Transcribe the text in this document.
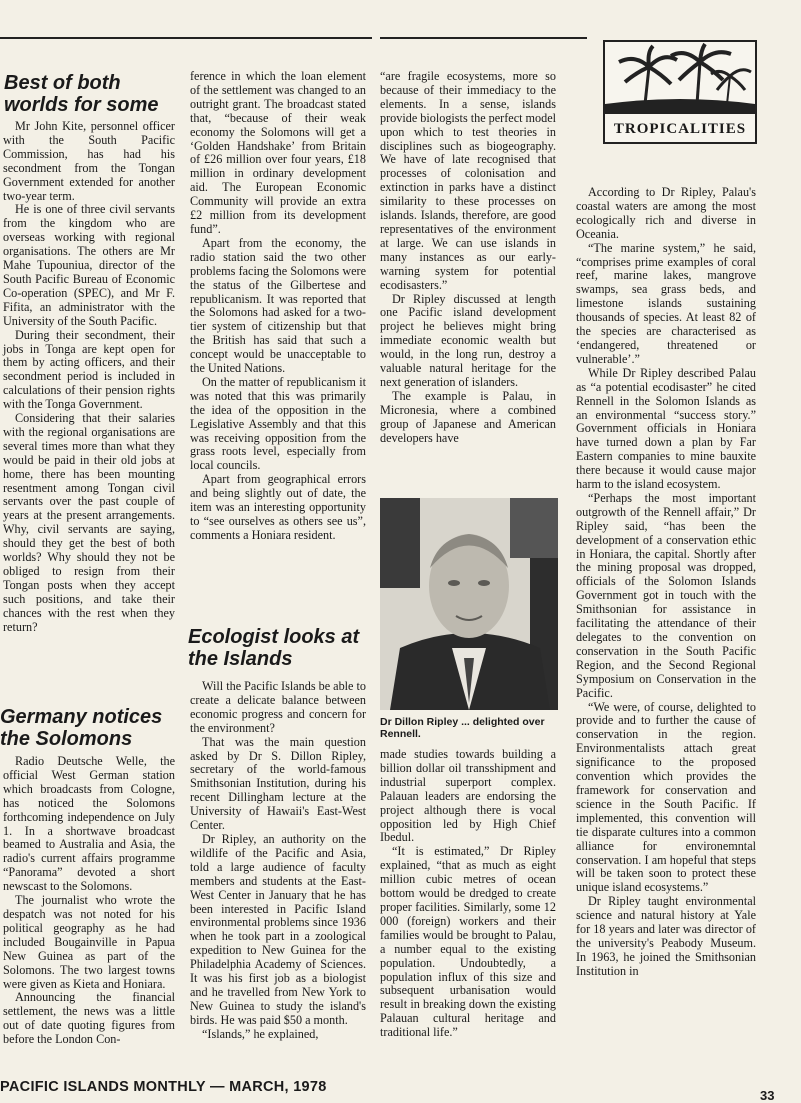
Best of both worlds for some

Mr John Kite, personnel officer with the South Pacific Commission, has had his secondment from the Tongan Government extended for another two-year term.

He is one of three civil servants from the kingdom who are overseas working with regional organisations. The others are Mr Mahe Tupouniua, director of the South Pacific Bureau of Economic Co-operation (SPEC), and Mr F. Fifita, an administrator with the University of the South Pacific.

During their secondment, their jobs in Tonga are kept open for them by acting officers, and their secondment period is included in calculations of their pension rights with the Tonga Government.

Considering that their salaries with the regional organisations are several times more than what they would be paid in their old jobs at home, there has been mounting resentment among Tongan civil servants over the past couple of years at the present arrangements. Why, civil servants are saying, should they get the best of both worlds? Why should they not be obliged to resign from their Tongan posts when they accept such positions, and take their chances with the rest when they return?

Germany notices the Solomons

Radio Deutsche Welle, the official West German station which broadcasts from Cologne, has noticed the Solomons forthcoming independence on July 1. In a shortwave broadcast beamed to Australia and Asia, the radio's current affairs programme “Panorama” devoted a short newscast to the Solomons.

The journalist who wrote the despatch was not noted for his political geography as he had included Bougainville in Papua New Guinea as part of the Solomons. The two largest towns were given as Kieta and Honiara.

Announcing the financial settlement, the news was a little out of date quoting figures from before the London Con-

ference in which the loan element of the settlement was changed to an outright grant. The broadcast stated that, “because of their weak economy the Solomons will get a ‘Golden Handshake’ from Britain of £26 million over four years, £18 million in ordinary development aid. The European Economic Community will provide an extra £2 million from its development fund”.

Apart from the economy, the radio station said the two other problems facing the Solomons were the status of the Gilbertese and republicanism. It was reported that the Solomons had asked for a two-tier system of citizenship but that the British has said that such a concept would be unacceptable to the United Nations.

On the matter of republicanism it was noted that this was primarily the idea of the opposition in the Legislative Assembly and that this was receiving opposition from the grass roots level, especially from local councils.

Apart from geographical errors and being slightly out of date, the item was an interesting opportunity to “see ourselves as others see us”, comments a Honiara resident.

Ecologist looks at the Islands

Will the Pacific Islands be able to create a delicate balance between economic progress and concern for the environment?

That was the main question asked by Dr S. Dillon Ripley, secretary of the world-famous Smithsonian Institution, during his recent Dillingham lecture at the University of Hawaii's East-West Center.

Dr Ripley, an authority on the wildlife of the Pacific and Asia, told a large audience of faculty members and students at the East-West Center in January that he has been interested in Pacific Island environmental problems since 1936 when he took part in a zoological expedition to New Guinea for the Philadelphia Academy of Sciences. It was his first job as a biologist and he travelled from New York to New Guinea to study the island's birds. He was paid $50 a month.

“Islands,” he explained,

“are fragile ecosystems, more so because of their immediacy to the elements. In a sense, islands provide biologists the perfect model upon which to test theories in disciplines such as biogeography. We have of late recognised that processes of colonisation and extinction in parks have a distinct similarity to these processes on islands. Islands, therefore, are good representatives of the environment at large. We can use islands in many instances as our early-warning system for potential ecodisasters.”

Dr Ripley discussed at length one Pacific island development project he believes might bring immediate economic wealth but would, in the long run, destroy a valuable natural heritage for the next generation of islanders.

The example is Palau, in Micronesia, where a combined group of Japanese and American developers have

Dr Dillon Ripley ... delighted over Rennell.

made studies towards building a billion dollar oil transshipment and industrial superport complex. Palauan leaders are endorsing the project although there is vocal opposition led by High Chief Ibedul.

“It is estimated,” Dr Ripley explained, “that as much as eight million cubic metres of ocean bottom would be dredged to create proper facilities. Similarly, some 12 000 (foreign) workers and their families would be brought to Palau, a number equal to the existing population. Undoubtedly, a population influx of this size and subsequent urbanisation would result in breaking down the existing Palauan cultural heritage and traditional life.”

TROPICALITIES

According to Dr Ripley, Palau's coastal waters are among the most ecologically rich and diverse in Oceania.

“The marine system,” he said, “comprises prime examples of coral reef, marine lakes, mangrove swamps, sea grass beds, and limestone islands sustaining thousands of species. At least 82 of the species are characterised as ‘endangered, threatened or vulnerable’.”

While Dr Ripley described Palau as “a potential ecodisaster” he cited Rennell in the Solomon Islands as an environmental “success story.” Government officials in Honiara have turned down a plan by Far Eastern companies to mine bauxite there because it would cause major harm to the island ecosystem.

“Perhaps the most important outgrowth of the Rennell affair,” Dr Ripley said, “has been the development of a conservation ethic in Honiara, the capital. Shortly after the mining proposal was dropped, officials of the Solomon Islands Government got in touch with the Smithsonian for assistance in facilitating the attendance of their delegates to the convention on conservation in the South Pacific Region, and the Second Regional Symposium on Conservation in the Pacific.

“We were, of course, delighted to provide and to further the cause of conservation in the region. Environmentalists attach great significance to the proposed convention which provides the framework for conservation and science in the South Pacific. If implemented, this convention will tie disparate cultures into a common alliance for environemntal conservation. I am hopeful that steps will be taken soon to protect these unique island ecosystems.”

Dr Ripley taught environmental science and natural history at Yale for 18 years and later was director of the university's Peabody Museum. In 1963, he joined the Smithsonian Institution in

PACIFIC ISLANDS MONTHLY — MARCH, 1978
33
